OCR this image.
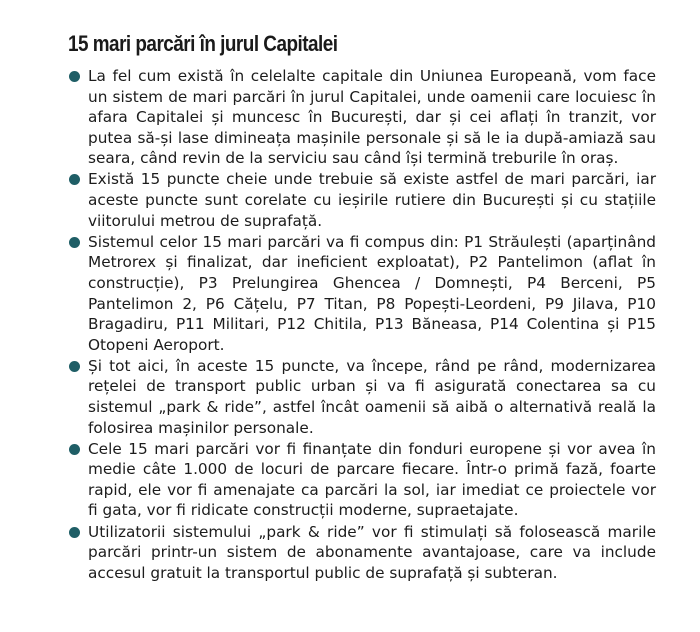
15 mari parcări în jurul Capitalei
La fel cum există în celelalte capitale din Uniunea Europeană, vom face un sistem de mari parcări în jurul Capitalei, unde oamenii care locuiesc în afara Capitalei și muncesc în București, dar și cei aflați în tranzit, vor putea să-și lase dimineața mașinile personale și să le ia după-amiază sau seara, când revin de la serviciu sau când își termină treburile în oraș.
Există 15 puncte cheie unde trebuie să existe astfel de mari parcări, iar aceste puncte sunt corelate cu ieșirile rutiere din București și cu stațiile viitorului metrou de suprafață.
Sistemul celor 15 mari parcări va fi compus din: P1 Străulești (aparținând Metrorex și finalizat, dar ineficient exploatat), P2 Pantelimon (aflat în construcție), P3 Prelungirea Ghencea / Domnești, P4 Berceni, P5 Pantelimon 2, P6 Cățelu, P7 Titan, P8 Popești-Leordeni, P9 Jilava, P10 Bragadiru, P11 Militari, P12 Chitila, P13 Băneasa, P14 Colentina și P15 Otopeni Aeroport.
Și tot aici, în aceste 15 puncte, va începe, rând pe rând, modernizarea rețelei de transport public urban și va fi asigurată conectarea sa cu sistemul „park & ride”, astfel încât oamenii să aibă o alternativă reală la folosirea mașinilor personale.
Cele 15 mari parcări vor fi finanțate din fonduri europene și vor avea în medie câte 1.000 de locuri de parcare fiecare. Într-o primă fază, foarte rapid, ele vor fi amenajate ca parcări la sol, iar imediat ce proiectele vor fi gata, vor fi ridicate construcții moderne, supraetajate.
Utilizatorii sistemului „park & ride” vor fi stimulați să folosească marile parcări printr-un sistem de abonamente avantajoase, care va include accesul gratuit la transportul public de suprafață și subteran.
